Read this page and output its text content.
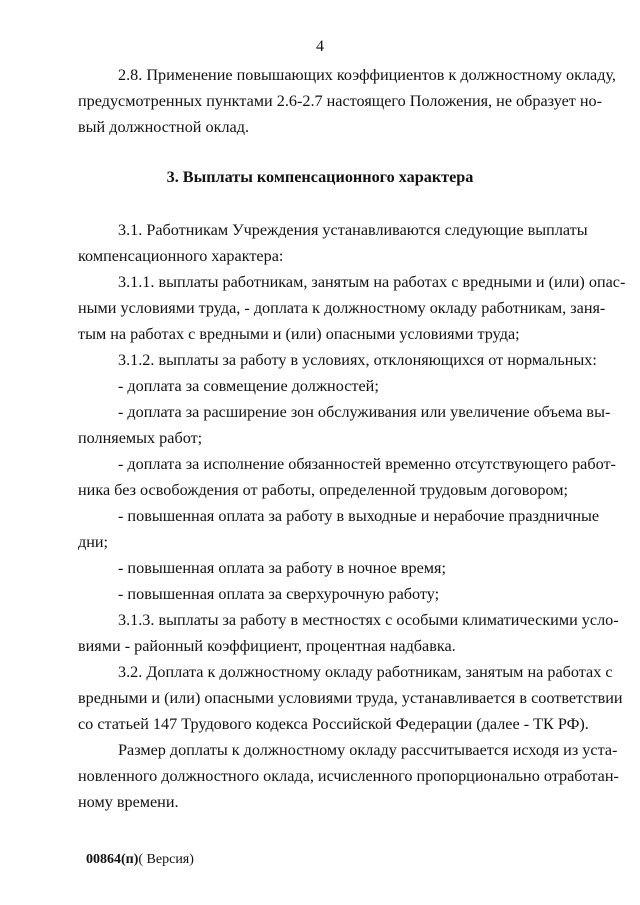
4
2.8. Применение повышающих коэффициентов к должностному окладу,
предусмотренных пунктами 2.6-2.7 настоящего Положения, не образует но-
вый должностной оклад.
3. Выплаты компенсационного характера
3.1. Работникам Учреждения устанавливаются следующие выплаты
компенсационного характера:
3.1.1. выплаты работникам, занятым на работах с вредными и (или) опас-
ными условиями труда, - доплата к должностному окладу работникам, заня-
тым на работах с вредными и (или) опасными условиями труда;
3.1.2. выплаты за работу в условиях, отклоняющихся от нормальных:
- доплата за совмещение должностей;
- доплата за расширение зон обслуживания или увеличение объема вы-
полняемых работ;
- доплата за исполнение обязанностей временно отсутствующего работ-
ника без освобождения от работы, определенной трудовым договором;
- повышенная оплата за работу в выходные и нерабочие праздничные
дни;
- повышенная оплата за работу в ночное время;
- повышенная оплата за сверхурочную работу;
3.1.3. выплаты за работу в местностях с особыми климатическими усло-
виями - районный коэффициент, процентная надбавка.
3.2. Доплата к должностному окладу работникам, занятым на работах с
вредными и (или) опасными условиями труда, устанавливается в соответствии
со статьей 147 Трудового кодекса Российской Федерации (далее - ТК РФ).
Размер доплаты к должностному окладу рассчитывается исходя из уста-
новленного должностного оклада, исчисленного пропорционально отработан-
ному времени.
00864(п)( Версия)
